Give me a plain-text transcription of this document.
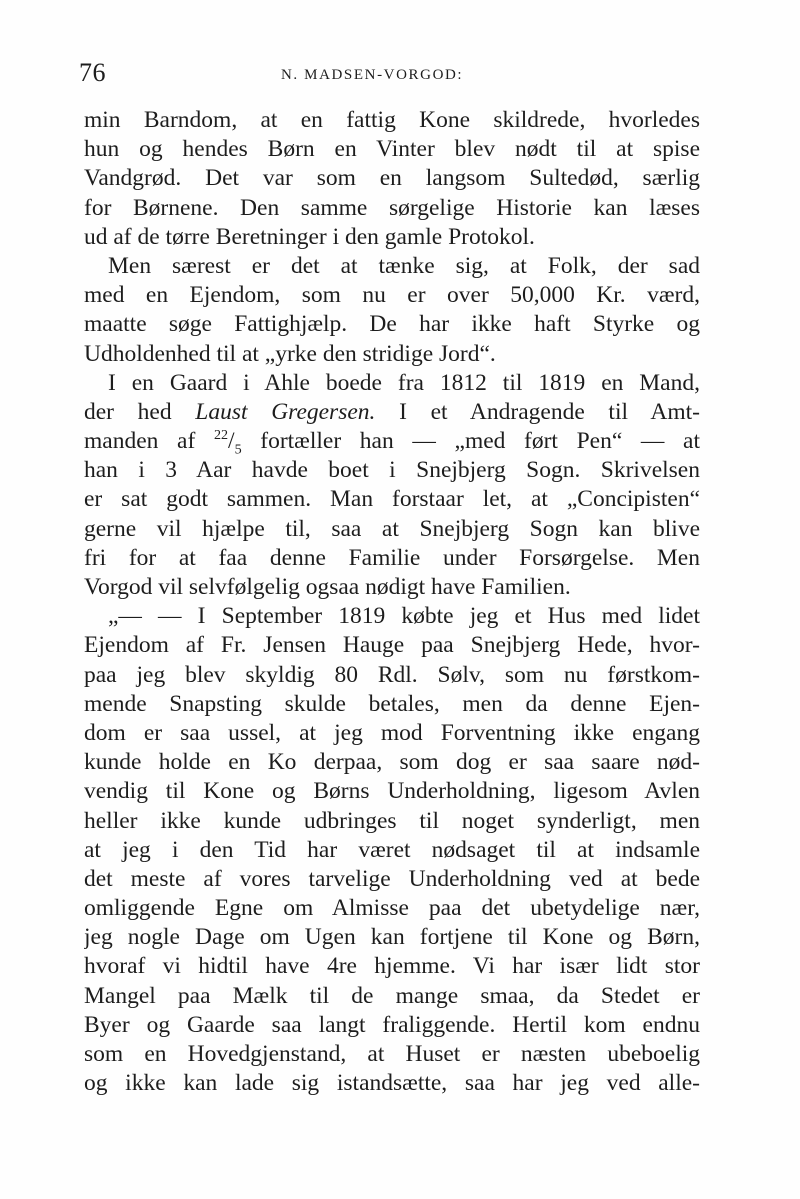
76	N. MADSEN-VORGOD:
min Barndom, at en fattig Kone skildrede, hvorledes
hun og hendes Børn en Vinter blev nødt til at spise
Vandgrød. Det var som en langsom Sultedød, særlig
for Børnene. Den samme sørgelige Historie kan læses
ud af de tørre Beretninger i den gamle Protokol.
Men særest er det at tænke sig, at Folk, der sad
med en Ejendom, som nu er over 50,000 Kr. værd,
maatte søge Fattighjælp. De har ikke haft Styrke og
Udholdenhed til at „yrke den stridige Jord“.
I en Gaard i Ahle boede fra 1812 til 1819 en Mand,
der hed Laust Gregersen. I et Andragende til Amt-
manden af $^{22}/_5$ fortæller han — „med ført Pen“ — at
han i 3 Aar havde boet i Snejbjerg Sogn. Skrivelsen
er sat godt sammen. Man forstaar let, at „Concipisten“
gerne vil hjælpe til, saa at Snejbjerg Sogn kan blive
fri for at faa denne Familie under Forsørgelse. Men
Vorgod vil selvfølgelig ogsaa nødigt have Familien.
„— — I September 1819 købte jeg et Hus med lidet
Ejendom af Fr. Jensen Hauge paa Snejbjerg Hede, hvor-
paa jeg blev skyldig 80 Rdl. Sølv, som nu førstkom-
mende Snapsting skulde betales, men da denne Ejen-
dom er saa ussel, at jeg mod Forventning ikke engang
kunde holde en Ko derpaa, som dog er saa saare nød-
vendig til Kone og Børns Underholdning, ligesom Avlen
heller ikke kunde udbringes til noget synderligt, men
at jeg i den Tid har været nødsaget til at indsamle
det meste af vores tarvelige Underholdning ved at bede
omliggende Egne om Almisse paa det ubetydelige nær,
jeg nogle Dage om Ugen kan fortjene til Kone og Børn,
hvoraf vi hidtil have 4re hjemme. Vi har især lidt stor
Mangel paa Mælk til de mange smaa, da Stedet er
Byer og Gaarde saa langt fraliggende. Hertil kom endnu
som en Hovedgjenstand, at Huset er næsten ubeboelig
og ikke kan lade sig istandsætte, saa har jeg ved alle-
